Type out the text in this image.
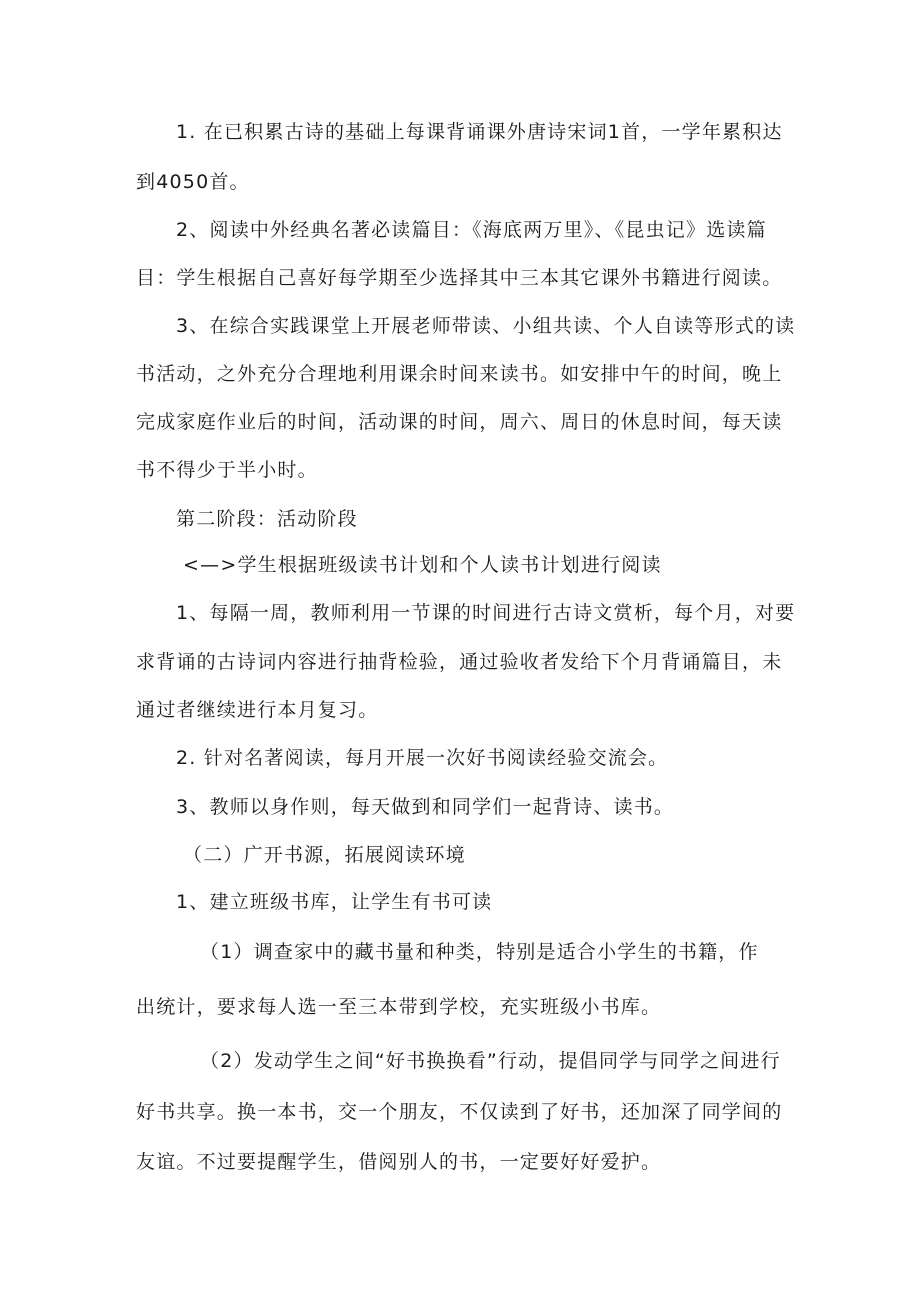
1. 在已积累古诗的基础上每课背诵课外唐诗宋词1首，一学年累积达

到4050首。

2、阅读中外经典名著必读篇目：《海底两万里》、《昆虫记》选读篇

目：学生根据自己喜好每学期至少选择其中三本其它课外书籍进行阅读。

3、在综合实践课堂上开展老师带读、小组共读、个人自读等形式的读

书活动，之外充分合理地利用课余时间来读书。如安排中午的时间，晚上

完成家庭作业后的时间，活动课的时间，周六、周日的休息时间，每天读

书不得少于半小时。

第二阶段：活动阶段

<—>学生根据班级读书计划和个人读书计划进行阅读

1、每隔一周，教师利用一节课的时间进行古诗文赏析，每个月，对要

求背诵的古诗词内容进行抽背检验，通过验收者发给下个月背诵篇目，未

通过者继续进行本月复习。

2. 针对名著阅读，每月开展一次好书阅读经验交流会。

3、教师以身作则，每天做到和同学们一起背诗、读书。

（二）广开书源，拓展阅读环境

1、建立班级书库，让学生有书可读

（1）调查家中的藏书量和种类，特别是适合小学生的书籍，作

出统计，要求每人选一至三本带到学校，充实班级小书库。

（2）发动学生之间“好书换换看”行动，提倡同学与同学之间进行

好书共享。换一本书，交一个朋友，不仅读到了好书，还加深了同学间的

友谊。不过要提醒学生，借阅别人的书，一定要好好爱护。
